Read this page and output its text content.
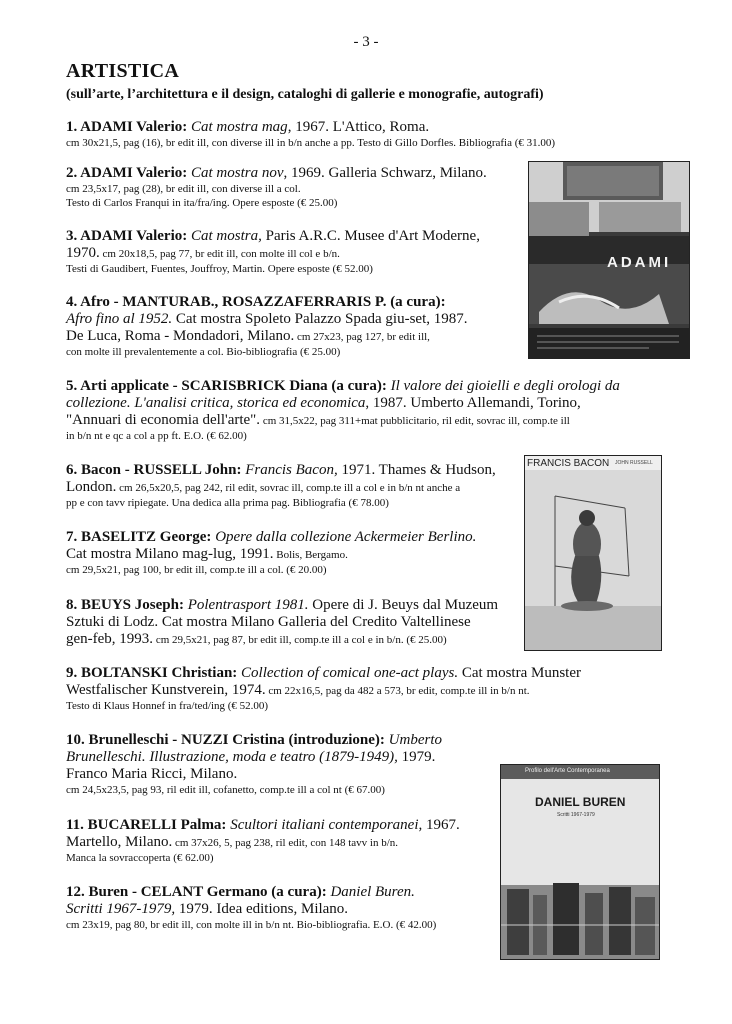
- 3 -
ARTISTICA
(sull’arte, l’architettura e il design, cataloghi di gallerie e monografie, autografi)
1. ADAMI Valerio: Cat mostra mag, 1967. L'Attico, Roma.
cm 30x21,5, pag (16), br edit ill, con diverse ill in b/n anche a pp. Testo di Gillo Dorfles. Bibliografia (€ 31.00)
2. ADAMI Valerio: Cat mostra nov, 1969. Galleria Schwarz, Milano.
cm 23,5x17, pag (28), br edit ill, con diverse ill a col.
Testo di Carlos Franqui in ita/fra/ing. Opere esposte (€ 25.00)
3. ADAMI Valerio: Cat mostra, Paris A.R.C. Musee d'Art Moderne,
1970. cm 20x18,5, pag 77, br edit ill, con molte ill col e b/n.
Testi di Gaudibert, Fuentes, Jouffroy, Martin. Opere esposte (€ 52.00)
4. Afro - MANTURAB., ROSAZZAFERRARIS P. (a cura):
Afro fino al 1952. Cat mostra Spoleto Palazzo Spada giu-set, 1987.
De Luca, Roma - Mondadori, Milano. cm 27x23, pag 127, br edit ill,
con molte ill prevalentemente a col. Bio-bibliografia (€ 25.00)
5. Arti applicate - SCARISBRICK Diana (a cura): Il valore dei gioielli e degli orologi da
collezione. L'analisi critica, storica ed economica, 1987. Umberto Allemandi, Torino,
"Annuari di economia dell'arte". cm 31,5x22, pag 311+mat pubblicitario, ril edit, sovrac ill, comp.te ill
in b/n nt e qc a col a pp ft. E.O. (€ 62.00)
6. Bacon - RUSSELL John: Francis Bacon, 1971. Thames & Hudson,
London. cm 26,5x20,5, pag 242, ril edit, sovrac ill, comp.te ill a col e in b/n nt anche a
pp e con tavv ripiegate. Una dedica alla prima pag. Bibliografia (€ 78.00)
7. BASELITZ George: Opere dalla collezione Ackermeier Berlino.
Cat mostra Milano mag-lug, 1991. Bolis, Bergamo.
cm 29,5x21, pag 100, br edit ill, comp.te ill a col. (€ 20.00)
8. BEUYS Joseph: Polentrasport 1981. Opere di J. Beuys dal Muzeum
Sztuki di Lodz. Cat mostra Milano Galleria del Credito Valtellinese
gen-feb, 1993. cm 29,5x21, pag 87, br edit ill, comp.te ill a col e in b/n. (€ 25.00)
9. BOLTANSKI Christian: Collection of comical one-act plays. Cat mostra Munster
Westfalischer Kunstverein, 1974. cm 22x16,5, pag da 482 a 573, br edit, comp.te ill in b/n nt.
Testo di Klaus Honnef in fra/ted/ing (€ 52.00)
10. Brunelleschi - NUZZI Cristina (introduzione): Umberto
Brunelleschi. Illustrazione, moda e teatro (1879-1949), 1979.
Franco Maria Ricci, Milano.
cm 24,5x23,5, pag 93, ril edit ill, cofanetto, comp.te ill a col nt (€ 67.00)
11. BUCARELLI Palma: Scultori italiani contemporanei, 1967.
Martello, Milano. cm 37x26, 5, pag 238, ril edit, con 148 tavv in b/n.
Manca la sovraccoperta (€ 62.00)
12. Buren - CELANT Germano (a cura): Daniel Buren.
Scritti 1967-1979, 1979. Idea editions, Milano.
cm 23x19, pag 80, br edit ill, con molte ill in b/n nt. Bio-bibliografia. E.O. (€ 42.00)
ADAMI
FRANCIS BACON JOHN RUSSELL
Profilo dell'Arte Contemporanea
DANIEL BUREN
Scritti 1967-1979
